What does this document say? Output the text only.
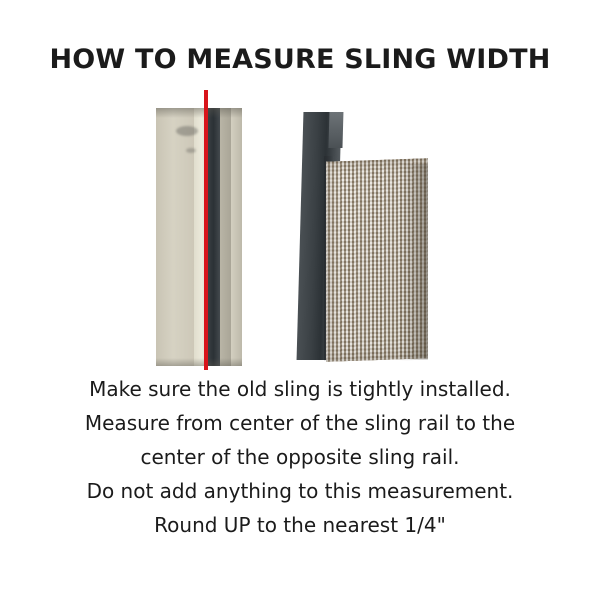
HOW TO MEASURE SLING WIDTH
Make sure the old sling is tightly installed.
Measure from center of the sling rail to the
center of the opposite sling rail.
Do not add anything to this measurement.
Round UP to the nearest 1/4"
